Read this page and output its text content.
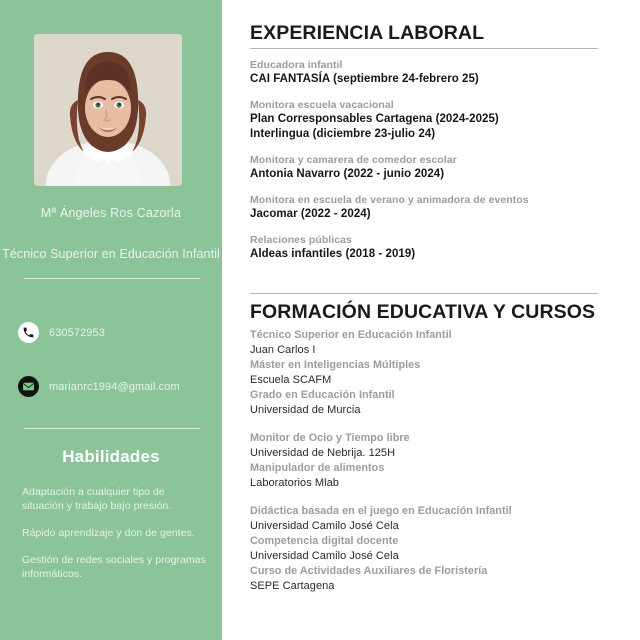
Mª Ángeles Ros Cazorla
Técnico Superior en Educación Infantil
630572953
marianrc1994@gmail.com
Habilidades
Adaptación a cualquier tipo de situación y trabajo bajo presión.
Rápido aprendizaje y don de gentes.
Gestión de redes sociales y programas informáticos.
EXPERIENCIA LABORAL
Educadora infantil
CAI FANTASÍA (septiembre 24-febrero 25)
Monitora escuela vacacional
Plan Corresponsables Cartagena (2024-2025)
Interlingua (diciembre 23-julio 24)
Monitora y camarera de comedor escolar
Antonia Navarro (2022 - junio 2024)
Monitora en escuela de verano y animadora de eventos
Jacomar (2022 - 2024)
Relaciones públicas
Aldeas infantiles (2018 - 2019)
FORMACIÓN EDUCATIVA Y CURSOS
Técnico Superior en Educación Infantil
Juan Carlos I
Máster en Inteligencias Múltiples
Escuela SCAFM
Grado en Educación Infantil
Universidad de Murcia
Monitor de Ocio y Tiempo libre
Universidad de Nebrija. 125H
Manipulador de alimentos
Laboratorios Mlab
Didáctica basada en el juego en Educación Infantil
Universidad Camilo José Cela
Competencia digital docente
Universidad Camilo José Cela
Curso de Actividades Auxiliares de Floristería
SEPE Cartagena
